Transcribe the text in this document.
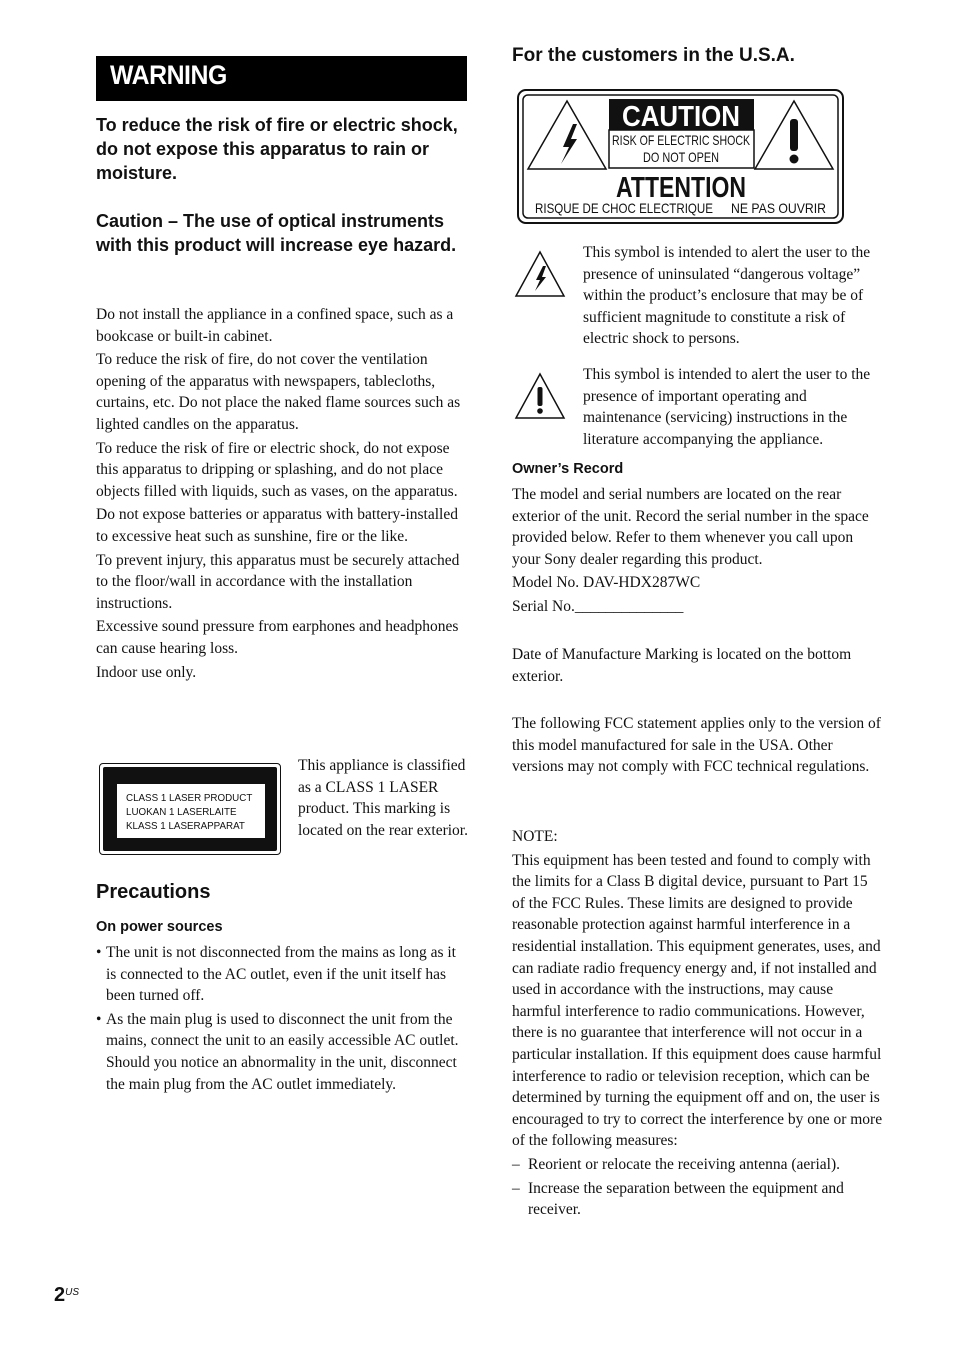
WARNING
To reduce the risk of fire or electric shock, do not expose this apparatus to rain or moisture.
Caution – The use of optical instruments with this product will increase eye hazard.

Do not install the appliance in a confined space, such as a bookcase or built-in cabinet.

To reduce the risk of fire, do not cover the ventilation opening of the apparatus with newspapers, tablecloths, curtains, etc. Do not place the naked flame sources such as lighted candles on the apparatus.

To reduce the risk of fire or electric shock, do not expose this apparatus to dripping or splashing, and do not place objects filled with liquids, such as vases, on the apparatus.

Do not expose batteries or apparatus with battery-installed to excessive heat such as sunshine, fire or the like.

To prevent injury, this apparatus must be securely attached to the floor/wall in accordance with the installation instructions.

Excessive sound pressure from earphones and headphones can cause hearing loss.

Indoor use only.

CLASS 1 LASER PRODUCT
LUOKAN 1 LASERLAITE
KLASS 1 LASERAPPARAT
This appliance is classified as a CLASS 1 LASER product. This marking is located on the rear exterior.
Precautions
On power sources
• The unit is not disconnected from the mains as long as it is connected to the AC outlet, even if the unit itself has been turned off.
• As the main plug is used to disconnect the unit from the mains, connect the unit to an easily accessible AC outlet. Should you notice an abnormality in the unit, disconnect the main plug from the AC outlet immediately.
For the customers in the U.S.A.
CAUTION
RISK OF ELECTRIC SHOCK
DO NOT OPEN
ATTENTION
RISQUE DE CHOC ELECTRIQUE NE PAS OUVRIR
This symbol is intended to alert the user to the presence of uninsulated “dangerous voltage” within the product’s enclosure that may be of sufficient magnitude to constitute a risk of electric shock to persons.
This symbol is intended to alert the user to the presence of important operating and maintenance (servicing) instructions in the literature accompanying the appliance.
Owner’s Record

The model and serial numbers are located on the rear exterior of the unit. Record the serial number in the space provided below. Refer to them whenever you call upon your Sony dealer regarding this product.

Model No. DAV-HDX287WC

Serial No.______________

Date of Manufacture Marking is located on the bottom exterior.
The following FCC statement applies only to the version of this model manufactured for sale in the USA. Other versions may not comply with FCC technical regulations.

NOTE:

This equipment has been tested and found to comply with the limits for a Class B digital device, pursuant to Part 15 of the FCC Rules. These limits are designed to provide reasonable protection against harmful interference in a residential installation. This equipment generates, uses, and can radiate radio frequency energy and, if not installed and used in accordance with the instructions, may cause harmful interference to radio communications. However, there is no guarantee that interference will not occur in a particular installation. If this equipment does cause harmful interference to radio or television reception, which can be determined by turning the equipment off and on, the user is encouraged to try to correct the interference by one or more of the following measures:

– Reorient or relocate the receiving antenna (aerial).
– Increase the separation between the equipment and receiver.
$2^{US}$
